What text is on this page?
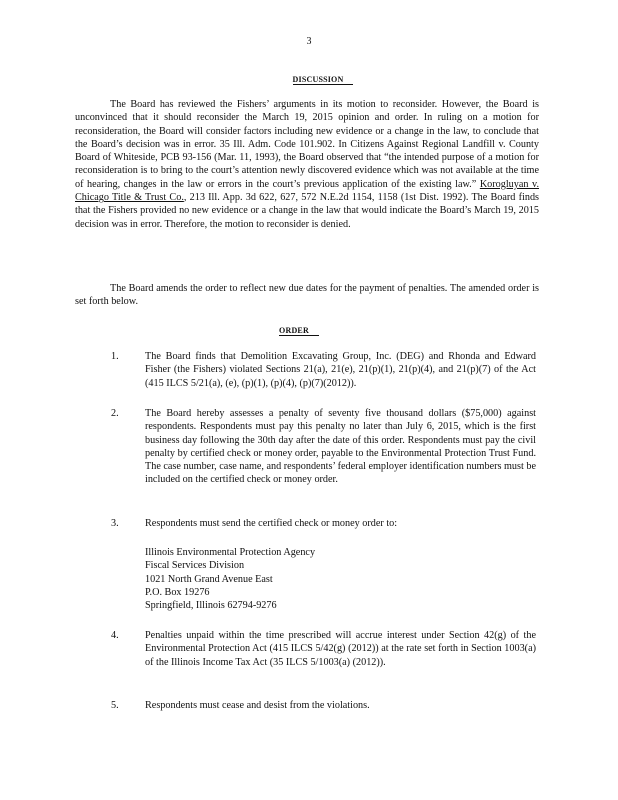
3
DISCUSSION
The Board has reviewed the Fishers’ arguments in its motion to reconsider. However, the Board is unconvinced that it should reconsider the March 19, 2015 opinion and order. In ruling on a motion for reconsideration, the Board will consider factors including new evidence or a change in the law, to conclude that the Board’s decision was in error. 35 Ill. Adm. Code 101.902. In Citizens Against Regional Landfill v. County Board of Whiteside, PCB 93-156 (Mar. 11, 1993), the Board observed that “the intended purpose of a motion for reconsideration is to bring to the court’s attention newly discovered evidence which was not available at the time of hearing, changes in the law or errors in the court’s previous application of the existing law.” Korogluyan v. Chicago Title & Trust Co., 213 Ill. App. 3d 622, 627, 572 N.E.2d 1154, 1158 (1st Dist. 1992). The Board finds that the Fishers provided no new evidence or a change in the law that would indicate the Board’s March 19, 2015 decision was in error. Therefore, the motion to reconsider is denied.
The Board amends the order to reflect new due dates for the payment of penalties. The amended order is set forth below.
ORDER
1.	The Board finds that Demolition Excavating Group, Inc. (DEG) and Rhonda and Edward Fisher (the Fishers) violated Sections 21(a), 21(e), 21(p)(1), 21(p)(4), and 21(p)(7) of the Act (415 ILCS 5/21(a), (e), (p)(1), (p)(4), (p)(7)(2012)).
2.	The Board hereby assesses a penalty of seventy five thousand dollars ($75,000) against respondents. Respondents must pay this penalty no later than July 6, 2015, which is the first business day following the 30th day after the date of this order. Respondents must pay the civil penalty by certified check or money order, payable to the Environmental Protection Trust Fund. The case number, case name, and respondents’ federal employer identification numbers must be included on the certified check or money order.
3.	Respondents must send the certified check or money order to:
Illinois Environmental Protection Agency
Fiscal Services Division
1021 North Grand Avenue East
P.O. Box 19276
Springfield, Illinois 62794-9276
4.	Penalties unpaid within the time prescribed will accrue interest under Section 42(g) of the Environmental Protection Act (415 ILCS 5/42(g) (2012)) at the rate set forth in Section 1003(a) of the Illinois Income Tax Act (35 ILCS 5/1003(a) (2012)).
5.	Respondents must cease and desist from the violations.
